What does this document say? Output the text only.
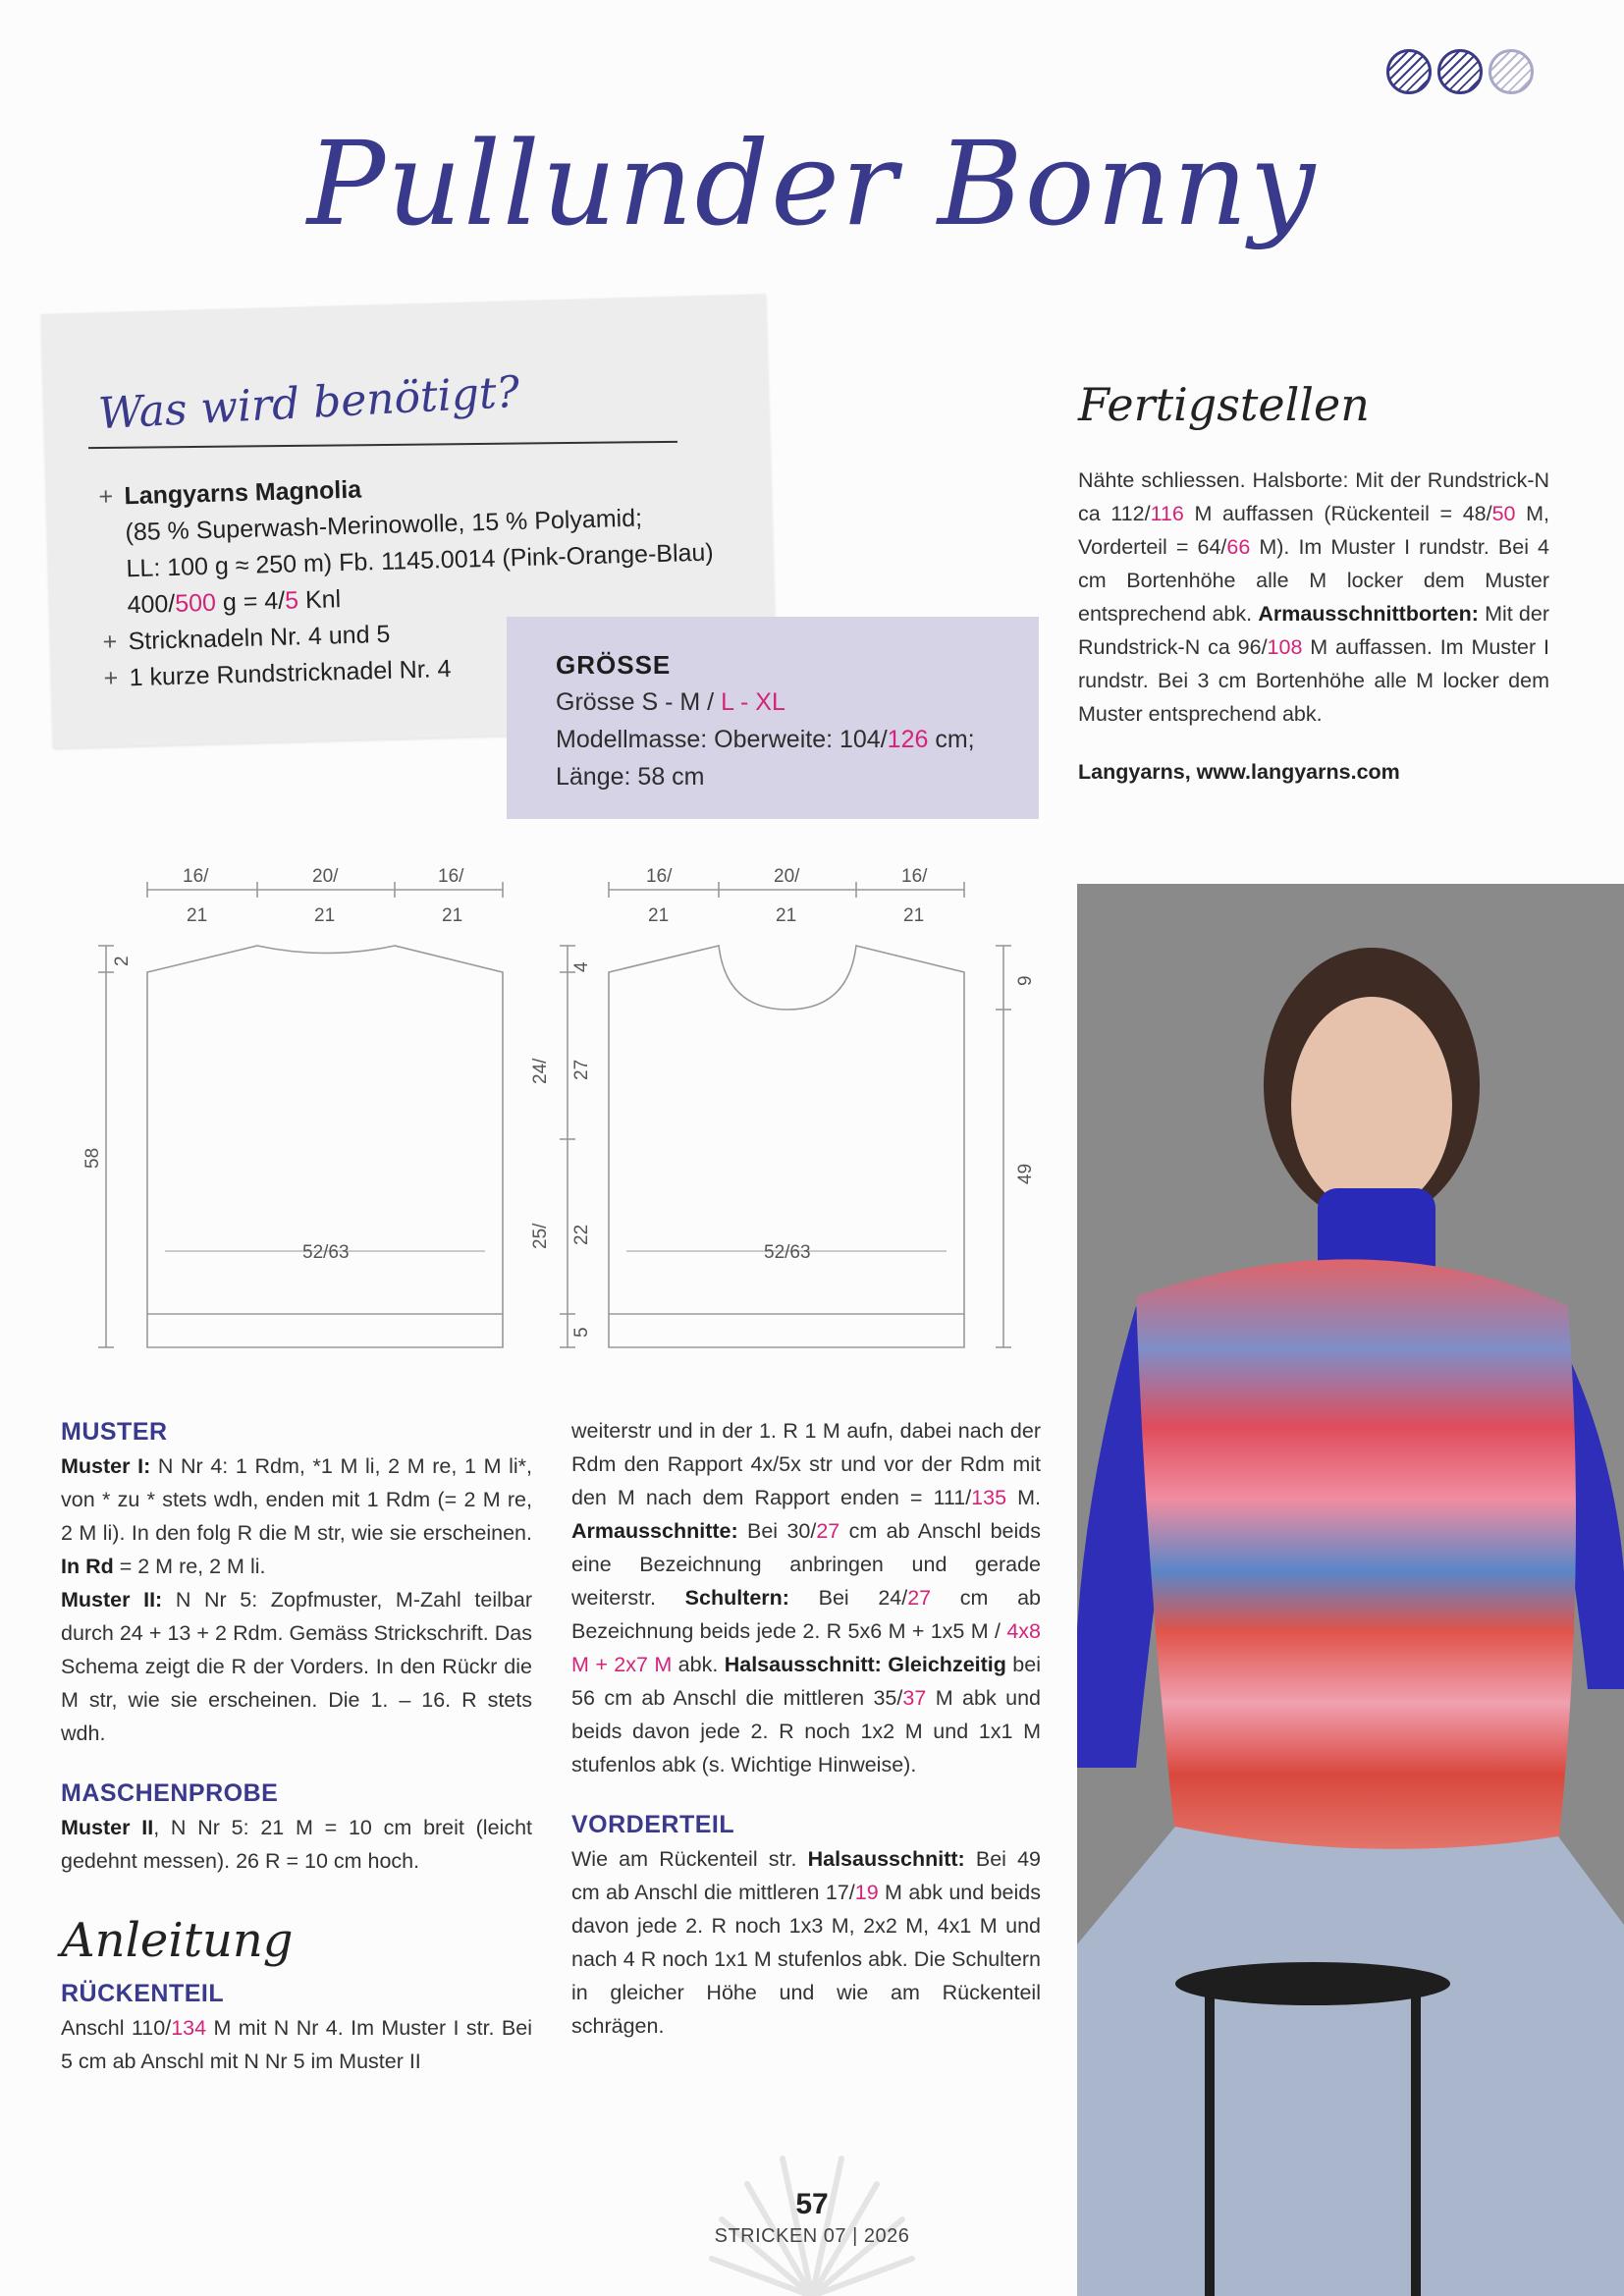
Pullunder Bonny
Was wird benötigt?
+ Langyarns Magnolia
(85 % Superwash-Merinowolle, 15 % Polyamid;
LL: 100 g ≈ 250 m) Fb. 1145.0014 (Pink-Orange-Blau)
400/500 g = 4/5 Knl
+ Stricknadeln Nr. 4 und 5
+ 1 kurze Rundstricknadel Nr. 4	GRÖSSE
Grösse S - M / L - XL
Modellmasse: Oberweite: 104/126 cm;
Länge: 58 cm
Fertigstellen
Nähte schliessen. Halsborte: Mit der Rundstrick-N ca 112/116 M auffassen (Rückenteil = 48/50 M, Vorderteil = 64/66 M). Im Muster I rundstr. Bei 4 cm Bortenhöhe alle M locker dem Muster entsprechend abk. Armausschnittborten: Mit der Rundstrick-N ca 96/108 M auffassen. Im Muster I rundstr. Bei 3 cm Bortenhöhe alle M locker dem Muster entsprechend abk.
Langyarns, www.langyarns.com
16/	20/	16/
21	21	21
2
58
52/63
16/	20/	16/
21	21	21
4
24/ 27
25/ 22
5
9
49
52/63

MUSTER

Muster I: N Nr 4: 1 Rdm, *1 M li, 2 M re, 1 M li*, von * zu * stets wdh, enden mit 1 Rdm (= 2 M re, 2 M li). In den folg R die M str, wie sie erscheinen. In Rd = 2 M re, 2 M li.
Muster II: N Nr 5: Zopfmuster, M-Zahl teilbar durch 24 + 13 + 2 Rdm. Gemäss Strickschrift. Das Schema zeigt die R der Vorders. In den Rückr die M str, wie sie erscheinen. Die 1. – 16. R stets wdh.

MASCHENPROBE

Muster II, N Nr 5: 21 M = 10 cm breit (leicht gedehnt messen). 26 R = 10 cm hoch.
Anleitung

RÜCKENTEIL

Anschl 110/134 M mit N Nr 4. Im Muster I str. Bei 5 cm ab Anschl mit N Nr 5 im Muster II
weiterstr und in der 1. R 1 M aufn, dabei nach der Rdm den Rapport 4x/5x str und vor der Rdm mit den M nach dem Rapport enden = 111/135 M. Armausschnitte: Bei 30/27 cm ab Anschl beids eine Bezeichnung anbringen und gerade weiterstr. Schultern: Bei 24/27 cm ab Bezeichnung beids jede 2. R 5x6 M + 1x5 M / 4x8 M + 2x7 M abk. Halsausschnitt: Gleichzeitig bei 56 cm ab Anschl die mittleren 35/37 M abk und beids davon jede 2. R noch 1x2 M und 1x1 M stufenlos abk (s. Wichtige Hinweise).

VORDERTEIL

Wie am Rückenteil str. Halsausschnitt: Bei 49 cm ab Anschl die mittleren 17/19 M abk und beids davon jede 2. R noch 1x3 M, 2x2 M, 4x1 M und nach 4 R noch 1x1 M stufenlos abk. Die Schultern in gleicher Höhe und wie am Rückenteil schrägen.
57
STRICKEN 07 | 2026
